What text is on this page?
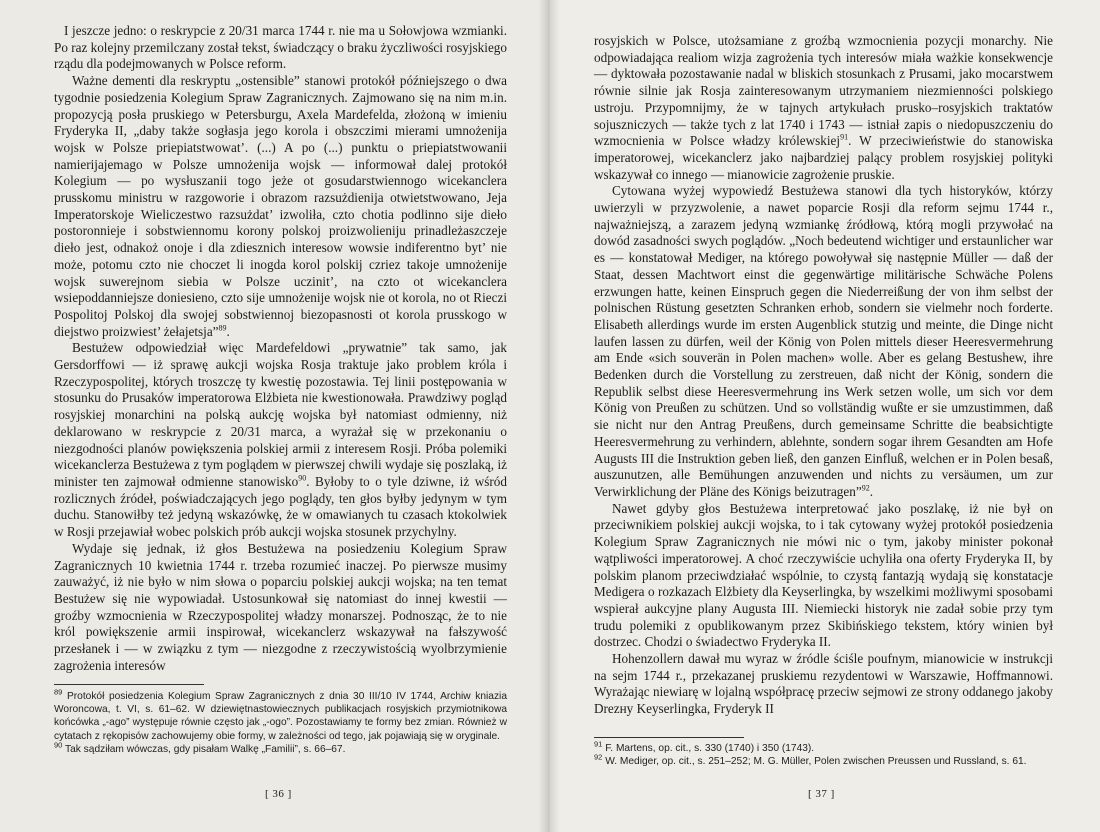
I jeszcze jedno: o reskrypcie z 20/31 marca 1744 r. nie ma u Sołowjowa wzmianki. Po raz kolejny przemilczany został tekst, świadczący o braku życzliwości rosyjskiego rządu dla podejmowanych w Polsce reform.

Ważne dementi dla reskryptu „ostensible” stanowi protokół późniejszego o dwa tygodnie posiedzenia Kolegium Spraw Zagranicznych. Zajmowano się na nim m.in. propozycją posła pruskiego w Petersburgu, Axela Mardefelda, złożoną w imieniu Fryderyka II, „daby także sogłasja jego korola i obszczimi mierami umnożenija wojsk w Polsze priepiatstwowat’. (...) A po (...) punktu o priepiatstwowanii namierijajemago w Polsze umnożenija wojsk — informował dalej protokół Kolegium — po wysłuszanii togo jeże ot gosudarstwiennogo wicekanclera prusskomu ministru w razgoworie i obrazom razsużdienija otwietstwowano, Jeja Imperatorskoje Wieliczestwo razsużdat’ izwoliła, czto chotia podlinno sije dieło postoronnieje i sobstwiennomu korony polskoj proizwolieniju prinadleżaszczeje dieło jest, odnakoż onoje i dla zdiesznich interesow wowsie indiferentno byt’ nie może, potomu czto nie choczet li inogda korol polskij czriez takoje umnożenije wojsk suwerejnom siebia w Polsze uczinit’, na czto ot wicekanclera wsiepoddanniejsze doniesieno, czto sije umnożenije wojsk nie ot korola, no ot Rieczi Pospolitoj Polskoj dla swojej sobstwiennoj biezopasnosti ot korola prusskogo w diejstwo proizwiest’ żełajetsja”$^{89}$.

Bestużew odpowiedział więc Mardefeldowi „prywatnie” tak samo, jak Gersdorffowi — iż sprawę aukcji wojska Rosja traktuje jako problem króla i Rzeczypospolitej, których troszczę ty kwestię pozostawia. Tej linii postępowania w stosunku do Prusaków imperatorowa Elżbieta nie kwestionowała. Prawdziwy pogląd rosyjskiej monarchini na polską aukcję wojska był natomiast odmienny, niż deklarowano w reskrypcie z 20/31 marca, a wyrażał się w przekonaniu o niezgodności planów powiększenia polskiej armii z interesem Rosji. Próba polemiki wicekanclerza Bestużewa z tym poglądem w pierwszej chwili wydaje się poszlaką, iż minister ten zajmował odmienne stanowisko$^{90}$. Byłoby to o tyle dziwne, iż wśród rozlicznych źródeł, poświadczających jego poglądy, ten głos byłby jedynym w tym duchu. Stanowiłby też jedyną wskazówkę, że w omawianych tu czasach ktokolwiek w Rosji przejawiał wobec polskich prób aukcji wojska stosunek przychylny.

Wydaje się jednak, iż głos Bestużewa na posiedzeniu Kolegium Spraw Zagranicznych 10 kwietnia 1744 r. trzeba rozumieć inaczej. Po pierwsze musimy zauważyć, iż nie było w nim słowa o poparciu polskiej aukcji wojska; na ten temat Bestużew się nie wypowiadał. Ustosunkował się natomiast do innej kwestii — groźby wzmocnienia w Rzeczypospolitej władzy monarszej. Podnosząc, że to nie król powiększenie armii inspirował, wicekanclerz wskazywał na fałszywość przesłanek i — w związku z tym — niezgodne z rzeczywistością wyolbrzymienie zagrożenia interesów

$^{89}$ Protokół posiedzenia Kolegium Spraw Zagranicznych z dnia 30 III/10 IV 1744, Archiw kniazia Woroncowa, t. VI, s. 61–62. W dziewiętnastowiecznych publikacjach rosyjskich przymiotnikowa końcówka „-ago” występuje równie często jak „-ogo”. Pozostawiamy te formy bez zmian. Również w cytatach z rękopisów zachowujemy obie formy, w zależności od tego, jak pojawiają się w oryginale.

$^{90}$ Tak sądziłam wówczas, gdy pisałam Walkę „Familii”, s. 66–67.

[ 36 ]

rosyjskich w Polsce, utożsamiane z groźbą wzmocnienia pozycji monarchy. Nie odpowiadająca realiom wizja zagrożenia tych interesów miała ważkie konsekwencje — dyktowała pozostawanie nadal w bliskich stosunkach z Prusami, jako mocarstwem równie silnie jak Rosja zainteresowanym utrzymaniem niezmienności polskiego ustroju. Przypomnijmy, że w tajnych artykułach prusko–rosyjskich traktatów sojuszniczych — także tych z lat 1740 i 1743 — istniał zapis o niedopuszczeniu do wzmocnienia w Polsce władzy królewskiej$^{91}$. W przeciwieństwie do stanowiska imperatorowej, wicekanclerz jako najbardziej palący problem rosyjskiej polityki wskazywał co innego — mianowicie zagrożenie pruskie.

Cytowana wyżej wypowiedź Bestużewa stanowi dla tych historyków, którzy uwierzyli w przyzwolenie, a nawet poparcie Rosji dla reform sejmu 1744 r., najważniejszą, a zarazem jedyną wzmiankę źródłową, którą mogli przywołać na dowód zasadności swych poglądów. „Noch bedeutend wichtiger und erstaunlicher war es — konstatował Mediger, na którego powoływał się następnie Müller — daß der Staat, dessen Machtwort einst die gegenwärtige militärische Schwäche Polens erzwungen hatte, keinen Einspruch gegen die Niederreißung der von ihm selbst der polnischen Rüstung gesetzten Schranken erhob, sondern sie vielmehr noch forderte. Elisabeth allerdings wurde im ersten Augenblick stutzig und meinte, die Dinge nicht laufen lassen zu dürfen, weil der König von Polen mittels dieser Heeresvermehrung am Ende «sich souverän in Polen machen» wolle. Aber es gelang Bestushew, ihre Bedenken durch die Vorstellung zu zerstreuen, daß nicht der König, sondern die Republik selbst diese Heeresvermehrung ins Werk setzen wolle, um sich vor dem König von Preußen zu schützen. Und so vollständig wußte er sie umzustimmen, daß sie nicht nur den Antrag Preußens, durch gemeinsame Schritte die beabsichtigte Heeresvermehrung zu verhindern, ablehnte, sondern sogar ihrem Gesandten am Hofe Augusts III die Instruktion geben ließ, den ganzen Einfluß, welchen er in Polen besaß, auszunutzen, alle Bemühungen anzuwenden und nichts zu versäumen, um zur Verwirklichung der Pläne des Königs beizutragen”$^{92}$.

Nawet gdyby głos Bestużewa interpretować jako poszlakę, iż nie był on przeciwnikiem polskiej aukcji wojska, to i tak cytowany wyżej protokół posiedzenia Kolegium Spraw Zagranicznych nie mówi nic o tym, jakoby minister pokonał wątpliwości imperatorowej. A choć rzeczywiście uchyliła ona oferty Fryderyka II, by polskim planom przeciwdziałać wspólnie, to czystą fantazją wydają się konstatacje Medigera o rozkazach Elżbiety dla Keyserlingka, by wszelkimi możliwymi sposobami wspierał aukcyjne plany Augusta III. Niemiecki historyk nie zadał sobie przy tym trudu polemiki z opublikowanym przez Skibińskiego tekstem, który winien był dostrzec. Chodzi o świadectwo Fryderyka II.

Hohenzollern dawał mu wyraz w źródle ściśle poufnym, mianowicie w instrukcji na sejm 1744 r., przekazanej pruskiemu rezydentowi w Warszawie, Hoffmannowi. Wyrażając niewiarę w lojalną współpracę przeciw sejmowi ze strony oddanego jakoby Drezну Keyserlingka, Fryderyk II

$^{91}$ F. Martens, op. cit., s. 330 (1740) i 350 (1743).

$^{92}$ W. Mediger, op. cit., s. 251–252; M. G. Müller, Polen zwischen Preussen und Russland, s. 61.

[ 37 ]
